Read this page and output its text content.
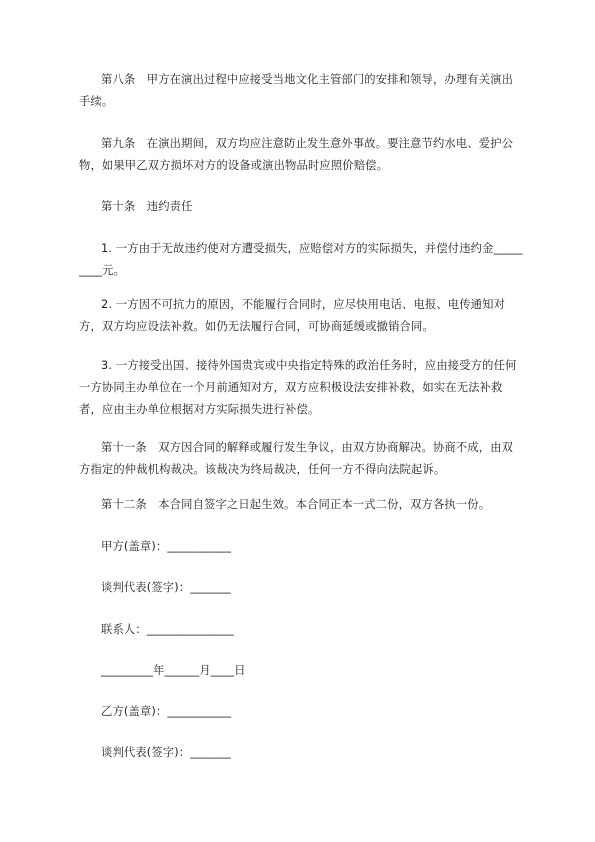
第八条　甲方在演出过程中应接受当地文化主管部门的安排和领导，办理有关演出手续。

第九条　在演出期间，双方均应注意防止发生意外事故。要注意节约水电、爱护公物，如果甲乙双方损坏对方的设备或演出物品时应照价赔偿。

第十条　违约责任

1. 一方由于无故违约使对方遭受损失，应赔偿对方的实际损失，并偿付违约金_________元。

2. 一方因不可抗力的原因，不能履行合同时，应尽快用电话、电报、电传通知对方，双方均应设法补救。如仍无法履行合同，可协商延缓或撤销合同。

3. 一方接受出国、接待外国贵宾或中央指定特殊的政治任务时，应由接受方的任何一方协同主办单位在一个月前通知对方，双方应积极设法安排补救，如实在无法补救者，应由主办单位根据对方实际损失进行补偿。

第十一条　双方因合同的解释或履行发生争议，由双方协商解决。协商不成，由双方指定的仲裁机构裁决。该裁决为终局裁决，任何一方不得向法院起诉。

第十二条　本合同自签字之日起生效。本合同正本一式二份，双方各执一份。

甲方(盖章)：___________

谈判代表(签字)：_______

联系人：_______________

_________年______月____日

乙方(盖章)：___________

谈判代表(签字)：_______
